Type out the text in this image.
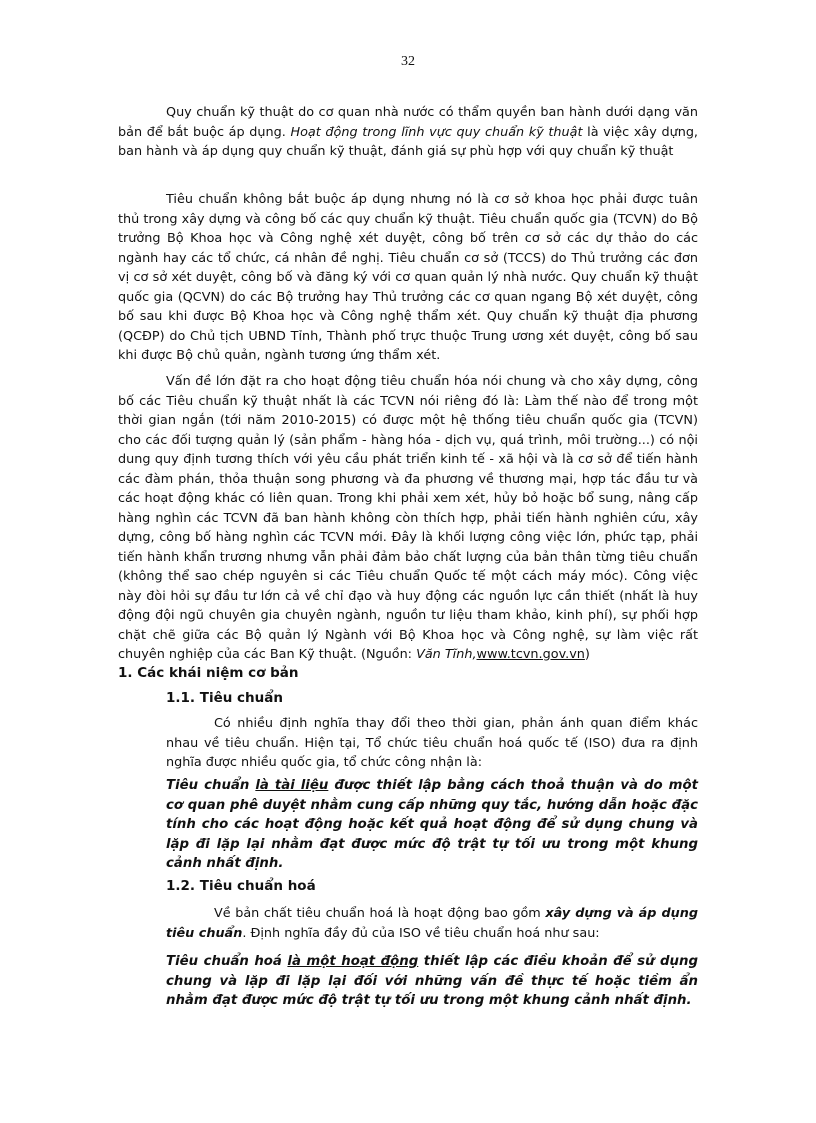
32

Quy chuẩn kỹ thuật do cơ quan nhà nước có thẩm quyền ban hành dưới dạng văn bản để bắt buộc áp dụng. Hoạt động trong lĩnh vực quy chuẩn kỹ thuật là việc xây dựng, ban hành và áp dụng quy chuẩn kỹ thuật, đánh giá sự phù hợp với quy chuẩn kỹ thuật

Tiêu chuẩn không bắt buộc áp dụng nhưng nó là cơ sở khoa học phải được tuân thủ trong xây dựng và công bố các quy chuẩn kỹ thuật. Tiêu chuẩn quốc gia (TCVN) do Bộ trưởng Bộ Khoa học và Công nghệ xét duyệt, công bố trên cơ sở các dự thảo do các ngành hay các tổ chức, cá nhân đề nghị. Tiêu chuẩn cơ sở (TCCS) do Thủ trưởng các đơn vị cơ sở xét duyệt, công bố và đăng ký với cơ quan quản lý nhà nước. Quy chuẩn kỹ thuật quốc gia (QCVN) do các Bộ trưởng hay Thủ trưởng các cơ quan ngang Bộ xét duyệt, công bố sau khi được Bộ Khoa học và Công nghệ thẩm xét. Quy chuẩn kỹ thuật địa phương (QCĐP) do Chủ tịch UBND Tỉnh, Thành phố trực thuộc Trung ương xét duyệt, công bố sau khi được Bộ chủ quản, ngành tương ứng thẩm xét.

Vấn đề lớn đặt ra cho hoạt động tiêu chuẩn hóa nói chung và cho xây dựng, công bố các Tiêu chuẩn kỹ thuật nhất là các TCVN nói riêng đó là: Làm thế nào để trong một thời gian ngắn (tới năm 2010-2015) có được một hệ thống tiêu chuẩn quốc gia (TCVN) cho các đối tượng quản lý (sản phẩm - hàng hóa - dịch vụ, quá trình, môi trường...) có nội dung quy định tương thích với yêu cầu phát triển kinh tế - xã hội và là cơ sở để tiến hành các đàm phán, thỏa thuận song phương và đa phương về thương mại, hợp tác đầu tư và các hoạt động khác có liên quan. Trong khi phải xem xét, hủy bỏ hoặc bổ sung, nâng cấp hàng nghìn các TCVN đã ban hành không còn thích hợp, phải tiến hành nghiên cứu, xây dựng, công bố hàng nghìn các TCVN mới. Đây là khối lượng công việc lớn, phức tạp, phải tiến hành khẩn trương nhưng vẫn phải đảm bảo chất lượng của bản thân từng tiêu chuẩn (không thể sao chép nguyên si các Tiêu chuẩn Quốc tế một cách máy móc). Công việc này đòi hỏi sự đầu tư lớn cả về chỉ đạo và huy động các nguồn lực cần thiết (nhất là huy động đội ngũ chuyên gia chuyên ngành, nguồn tư liệu tham khảo, kinh phí), sự phối hợp chặt chẽ giữa các Bộ quản lý Ngành với Bộ Khoa học và Công nghệ, sự làm việc rất chuyên nghiệp của các Ban Kỹ thuật. (Nguồn: Văn Tĩnh,www.tcvn.gov.vn)

1. Các khái niệm cơ bản
1.1. Tiêu chuẩn

Có nhiều định nghĩa thay đổi theo thời gian, phản ánh quan điểm khác nhau về tiêu chuẩn. Hiện tại, Tổ chức tiêu chuẩn hoá quốc tế (ISO) đưa ra định nghĩa được nhiều quốc gia, tổ chức công nhận là:

Tiêu chuẩn là tài liệu được thiết lập bằng cách thoả thuận và do một cơ quan phê duyệt nhằm cung cấp những quy tắc, hướng dẫn hoặc đặc tính cho các hoạt động hoặc kết quả hoạt động để sử dụng chung và lặp đi lặp lại nhằm đạt được mức độ trật tự tối ưu trong một khung cảnh nhất định.

1.2. Tiêu chuẩn hoá

Về bản chất tiêu chuẩn hoá là hoạt động bao gồm xây dựng và áp dụng tiêu chuẩn. Định nghĩa đầy đủ của ISO về tiêu chuẩn hoá như sau:

Tiêu chuẩn hoá là một hoạt động thiết lập các điều khoản để sử dụng chung và lặp đi lặp lại đối với những vấn đề thực tế hoặc tiềm ẩn nhằm đạt được mức độ trật tự tối ưu trong một khung cảnh nhất định.
